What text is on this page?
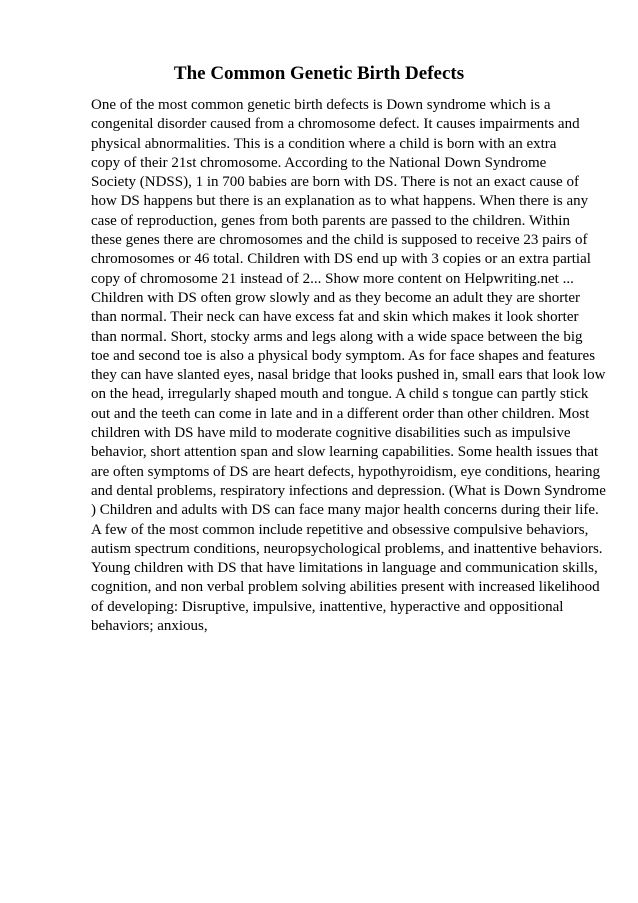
The Common Genetic Birth Defects
One of the most common genetic birth defects is Down syndrome which is a
congenital disorder caused from a chromosome defect. It causes impairments and
physical abnormalities. This is a condition where a child is born with an extra
copy of their 21st chromosome. According to the National Down Syndrome
Society (NDSS), 1 in 700 babies are born with DS. There is not an exact cause of
how DS happens but there is an explanation as to what happens. When there is any
case of reproduction, genes from both parents are passed to the children. Within
these genes there are chromosomes and the child is supposed to receive 23 pairs of
chromosomes or 46 total. Children with DS end up with 3 copies or an extra partial
copy of chromosome 21 instead of 2... Show more content on Helpwriting.net ...
Children with DS often grow slowly and as they become an adult they are shorter
than normal. Their neck can have excess fat and skin which makes it look shorter
than normal. Short, stocky arms and legs along with a wide space between the big
toe and second toe is also a physical body symptom. As for face shapes and features
they can have slanted eyes, nasal bridge that looks pushed in, small ears that look low
on the head, irregularly shaped mouth and tongue. A child s tongue can partly stick
out and the teeth can come in late and in a different order than other children. Most
children with DS have mild to moderate cognitive disabilities such as impulsive
behavior, short attention span and slow learning capabilities. Some health issues that
are often symptoms of DS are heart defects, hypothyroidism, eye conditions, hearing
and dental problems, respiratory infections and depression. (What is Down Syndrome
) Children and adults with DS can face many major health concerns during their life.
A few of the most common include repetitive and obsessive compulsive behaviors,
autism spectrum conditions, neuropsychological problems, and inattentive behaviors.
Young children with DS that have limitations in language and communication skills,
cognition, and non verbal problem solving abilities present with increased likelihood
of developing: Disruptive, impulsive, inattentive, hyperactive and oppositional
behaviors; anxious,
